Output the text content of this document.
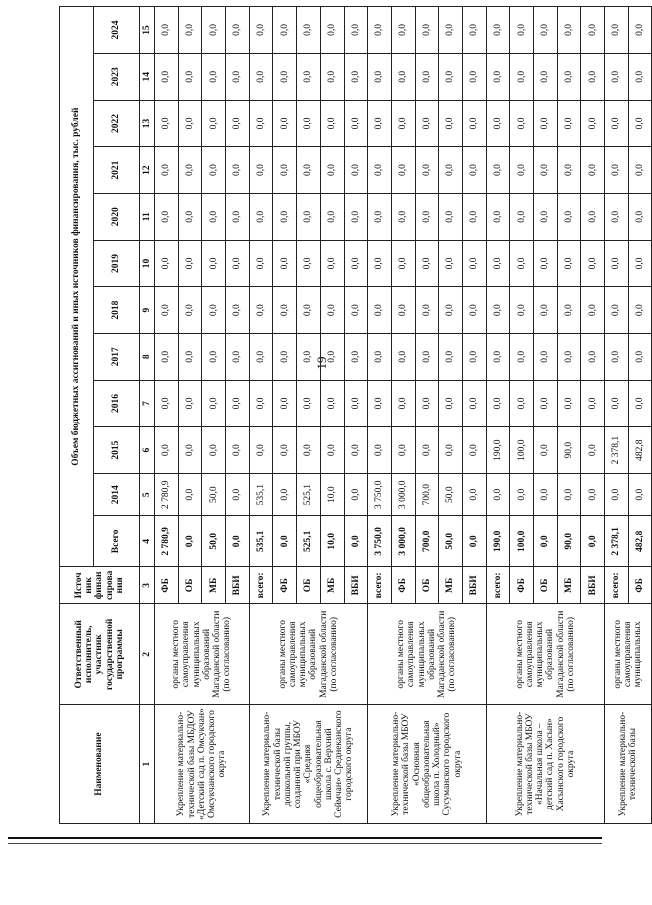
19
Наименование	Ответственный исполнитель, участник государственной программы	Источ ник финан сирова ния	Объем бюджетных ассигнований и иных источников финансирования, тыс. рублей											
			Всего	2014	2015	2016	2017	2018	2019	2020	2021	2022	2023	2024
1	2	3	4	5	6	7	8	9	10	11	12	13	14	15
Укрепление материально-технической базы МБДОУ «Детский сад п. Омсукчан» Омсукчанского городского округа	органы местного самоуправления муниципальных образований Магаданской области (по согласованию)	ФБ	2 780,9	2 780,9	0,0	0,0	0,0	0,0	0,0	0,0	0,0	0,0	0,0	0,0
		ОБ	0,0	0,0	0,0	0,0	0,0	0,0	0,0	0,0	0,0	0,0	0,0	0,0
		МБ	50,0	50,0	0,0	0,0	0,0	0,0	0,0	0,0	0,0	0,0	0,0	0,0
		ВБИ	0,0	0,0	0,0	0,0	0,0	0,0	0,0	0,0	0,0	0,0	0,0	0,0
Укрепление материально-технической базы дошкольной группы, созданной при МБОУ «Средняя общеобразовательная школа с. Верхний Сеймчан» Среднеканского городского округа	органы местного самоуправления муниципальных образований Магаданской области (по согласованию)	всего:	535,1	535,1	0,0	0,0	0,0	0,0	0,0	0,0	0,0	0,0	0,0	0,0
		ФБ	0,0	0,0	0,0	0,0	0,0	0,0	0,0	0,0	0,0	0,0	0,0	0,0
		ОБ	525,1	525,1	0,0	0,0	0,0	0,0	0,0	0,0	0,0	0,0	0,0	0,0
		МБ	10,0	10,0	0,0	0,0	0,0	0,0	0,0	0,0	0,0	0,0	0,0	0,0
		ВБИ	0,0	0,0	0,0	0,0	0,0	0,0	0,0	0,0	0,0	0,0	0,0	0,0
Укрепление материально-технической базы МБОУ «Основная общеобразовательная школа п. Холодный» Сусуманского городского округа	органы местного самоуправления муниципальных образований Магаданской области (по согласованию)	всего:	3 750,0	3 750,0	0,0	0,0	0,0	0,0	0,0	0,0	0,0	0,0	0,0	0,0
		ФБ	3 000,0	3 000,0	0,0	0,0	0,0	0,0	0,0	0,0	0,0	0,0	0,0	0,0
		ОБ	700,0	700,0	0,0	0,0	0,0	0,0	0,0	0,0	0,0	0,0	0,0	0,0
		МБ	50,0	50,0	0,0	0,0	0,0	0,0	0,0	0,0	0,0	0,0	0,0	0,0
		ВБИ	0,0	0,0	0,0	0,0	0,0	0,0	0,0	0,0	0,0	0,0	0,0	0,0
Укрепление материально-технической базы МБОУ «Начальная школа – детский сад п. Хасын» Хасынского городского округа	органы местного самоуправления муниципальных образований Магаданской области (по согласованию)	всего:	190,0	0,0	190,0	0,0	0,0	0,0	0,0	0,0	0,0	0,0	0,0	0,0
		ФБ	100,0	0,0	100,0	0,0	0,0	0,0	0,0	0,0	0,0	0,0	0,0	0,0
		ОБ	0,0	0,0	0,0	0,0	0,0	0,0	0,0	0,0	0,0	0,0	0,0	0,0
		МБ	90,0	0,0	90,0	0,0	0,0	0,0	0,0	0,0	0,0	0,0	0,0	0,0
		ВБИ	0,0	0,0	0,0	0,0	0,0	0,0	0,0	0,0	0,0	0,0	0,0	0,0
Укрепление материально-технической базы	органы местного самоуправления муниципальных	всего:	2 378,1	0,0	2 378,1	0,0	0,0	0,0	0,0	0,0	0,0	0,0	0,0	0,0
		ФБ	482,8	0,0	482,8	0,0	0,0	0,0	0,0	0,0	0,0	0,0	0,0	0,0
